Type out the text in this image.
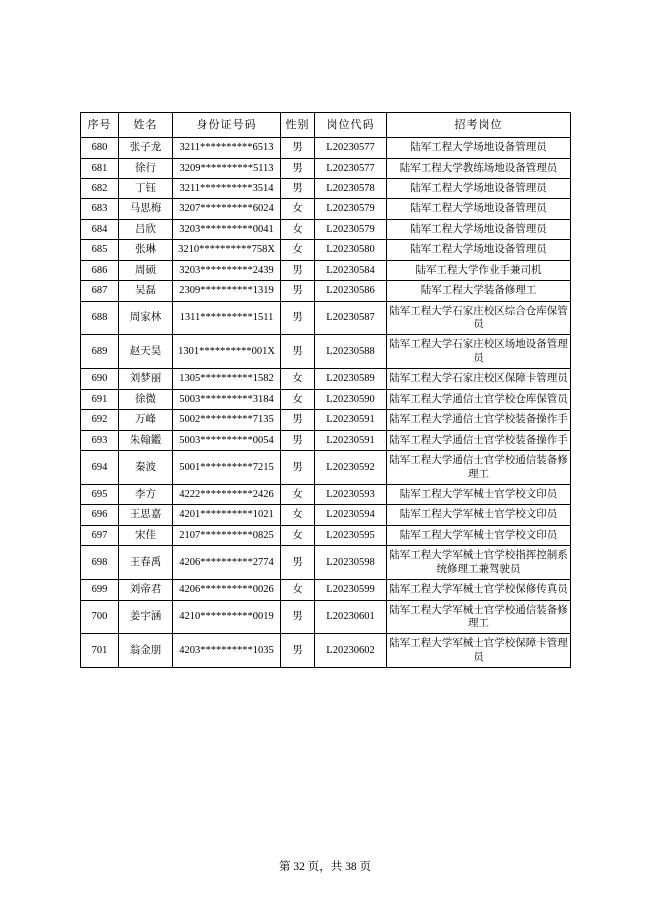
序号	姓名	身份证号码	性别	岗位代码	招考岗位
680	张子龙	3211**********6513	男	L20230577	陆军工程大学场地设备管理员
681	徐行	3209**********5113	男	L20230577	陆军工程大学教练场地设备管理员
682	丁钰	3211**********3514	男	L20230578	陆军工程大学场地设备管理员
683	马思梅	3207**********6024	女	L20230579	陆军工程大学场地设备管理员
684	吕欣	3203**********0041	女	L20230579	陆军工程大学场地设备管理员
685	张琳	3210**********758X	女	L20230580	陆军工程大学场地设备管理员
686	周硕	3203**********2439	男	L20230584	陆军工程大学作业手兼司机
687	吴磊	2309**********1319	男	L20230586	陆军工程大学装备修理工
688	周家林	1311**********1511	男	L20230587	陆军工程大学石家庄校区综合仓库保管员
689	赵天昊	1301**********001X	男	L20230588	陆军工程大学石家庄校区场地设备管理员
690	刘梦丽	1305**********1582	女	L20230589	陆军工程大学石家庄校区保障卡管理员
691	徐微	5003**********3184	女	L20230590	陆军工程大学通信士官学校仓库保管员
692	万峰	5002**********7135	男	L20230591	陆军工程大学通信士官学校装备操作手
693	朱翰鑑	5003**********0054	男	L20230591	陆军工程大学通信士官学校装备操作手
694	秦波	5001**********7215	男	L20230592	陆军工程大学通信士官学校通信装备修理工
695	李方	4222**********2426	女	L20230593	陆军工程大学军械士官学校文印员
696	王思嘉	4201**********1021	女	L20230594	陆军工程大学军械士官学校文印员
697	宋佳	2107**********0825	女	L20230595	陆军工程大学军械士官学校文印员
698	王春禹	4206**********2774	男	L20230598	陆军工程大学军械士官学校指挥控制系统修理工兼驾驶员
699	刘帝君	4206**********0026	女	L20230599	陆军工程大学军械士官学校保修传真员
700	姜宇涵	4210**********0019	男	L20230601	陆军工程大学军械士官学校通信装备修理工
701	翁金朋	4203**********1035	男	L20230602	陆军工程大学军械士官学校保障卡管理员
第 32 页，共 38 页
